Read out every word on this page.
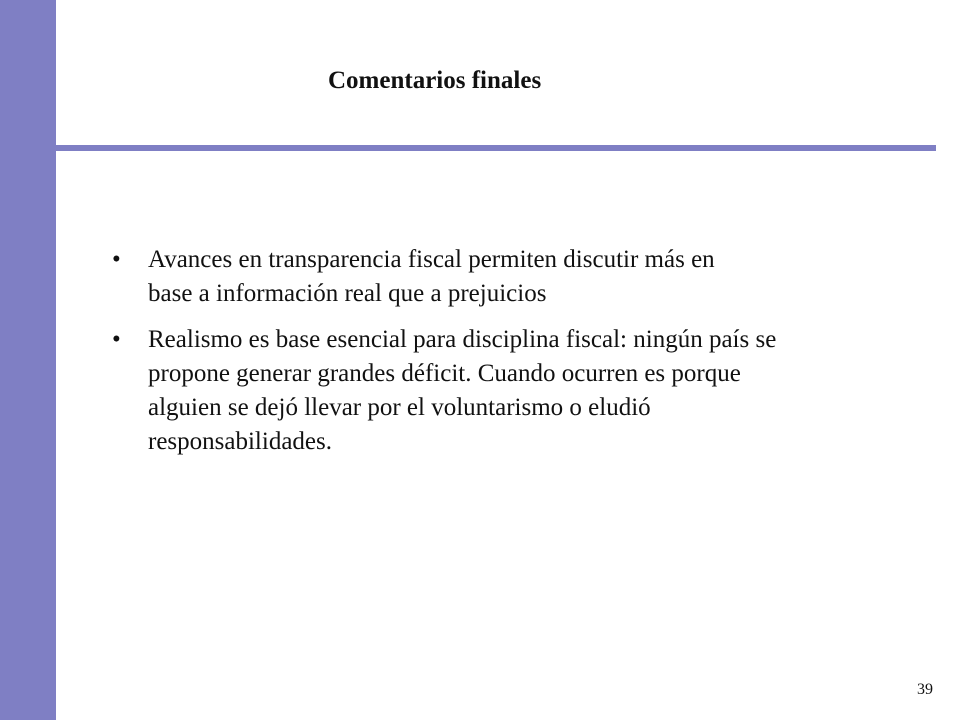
Comentarios finales
•	Avances en transparencia fiscal permiten discutir más en
base a información real que a prejuicios
•	Realismo es base esencial para disciplina fiscal: ningún país se
propone generar grandes déficit. Cuando ocurren es porque
alguien se dejó llevar por el voluntarismo o eludió
responsabilidades.
39
